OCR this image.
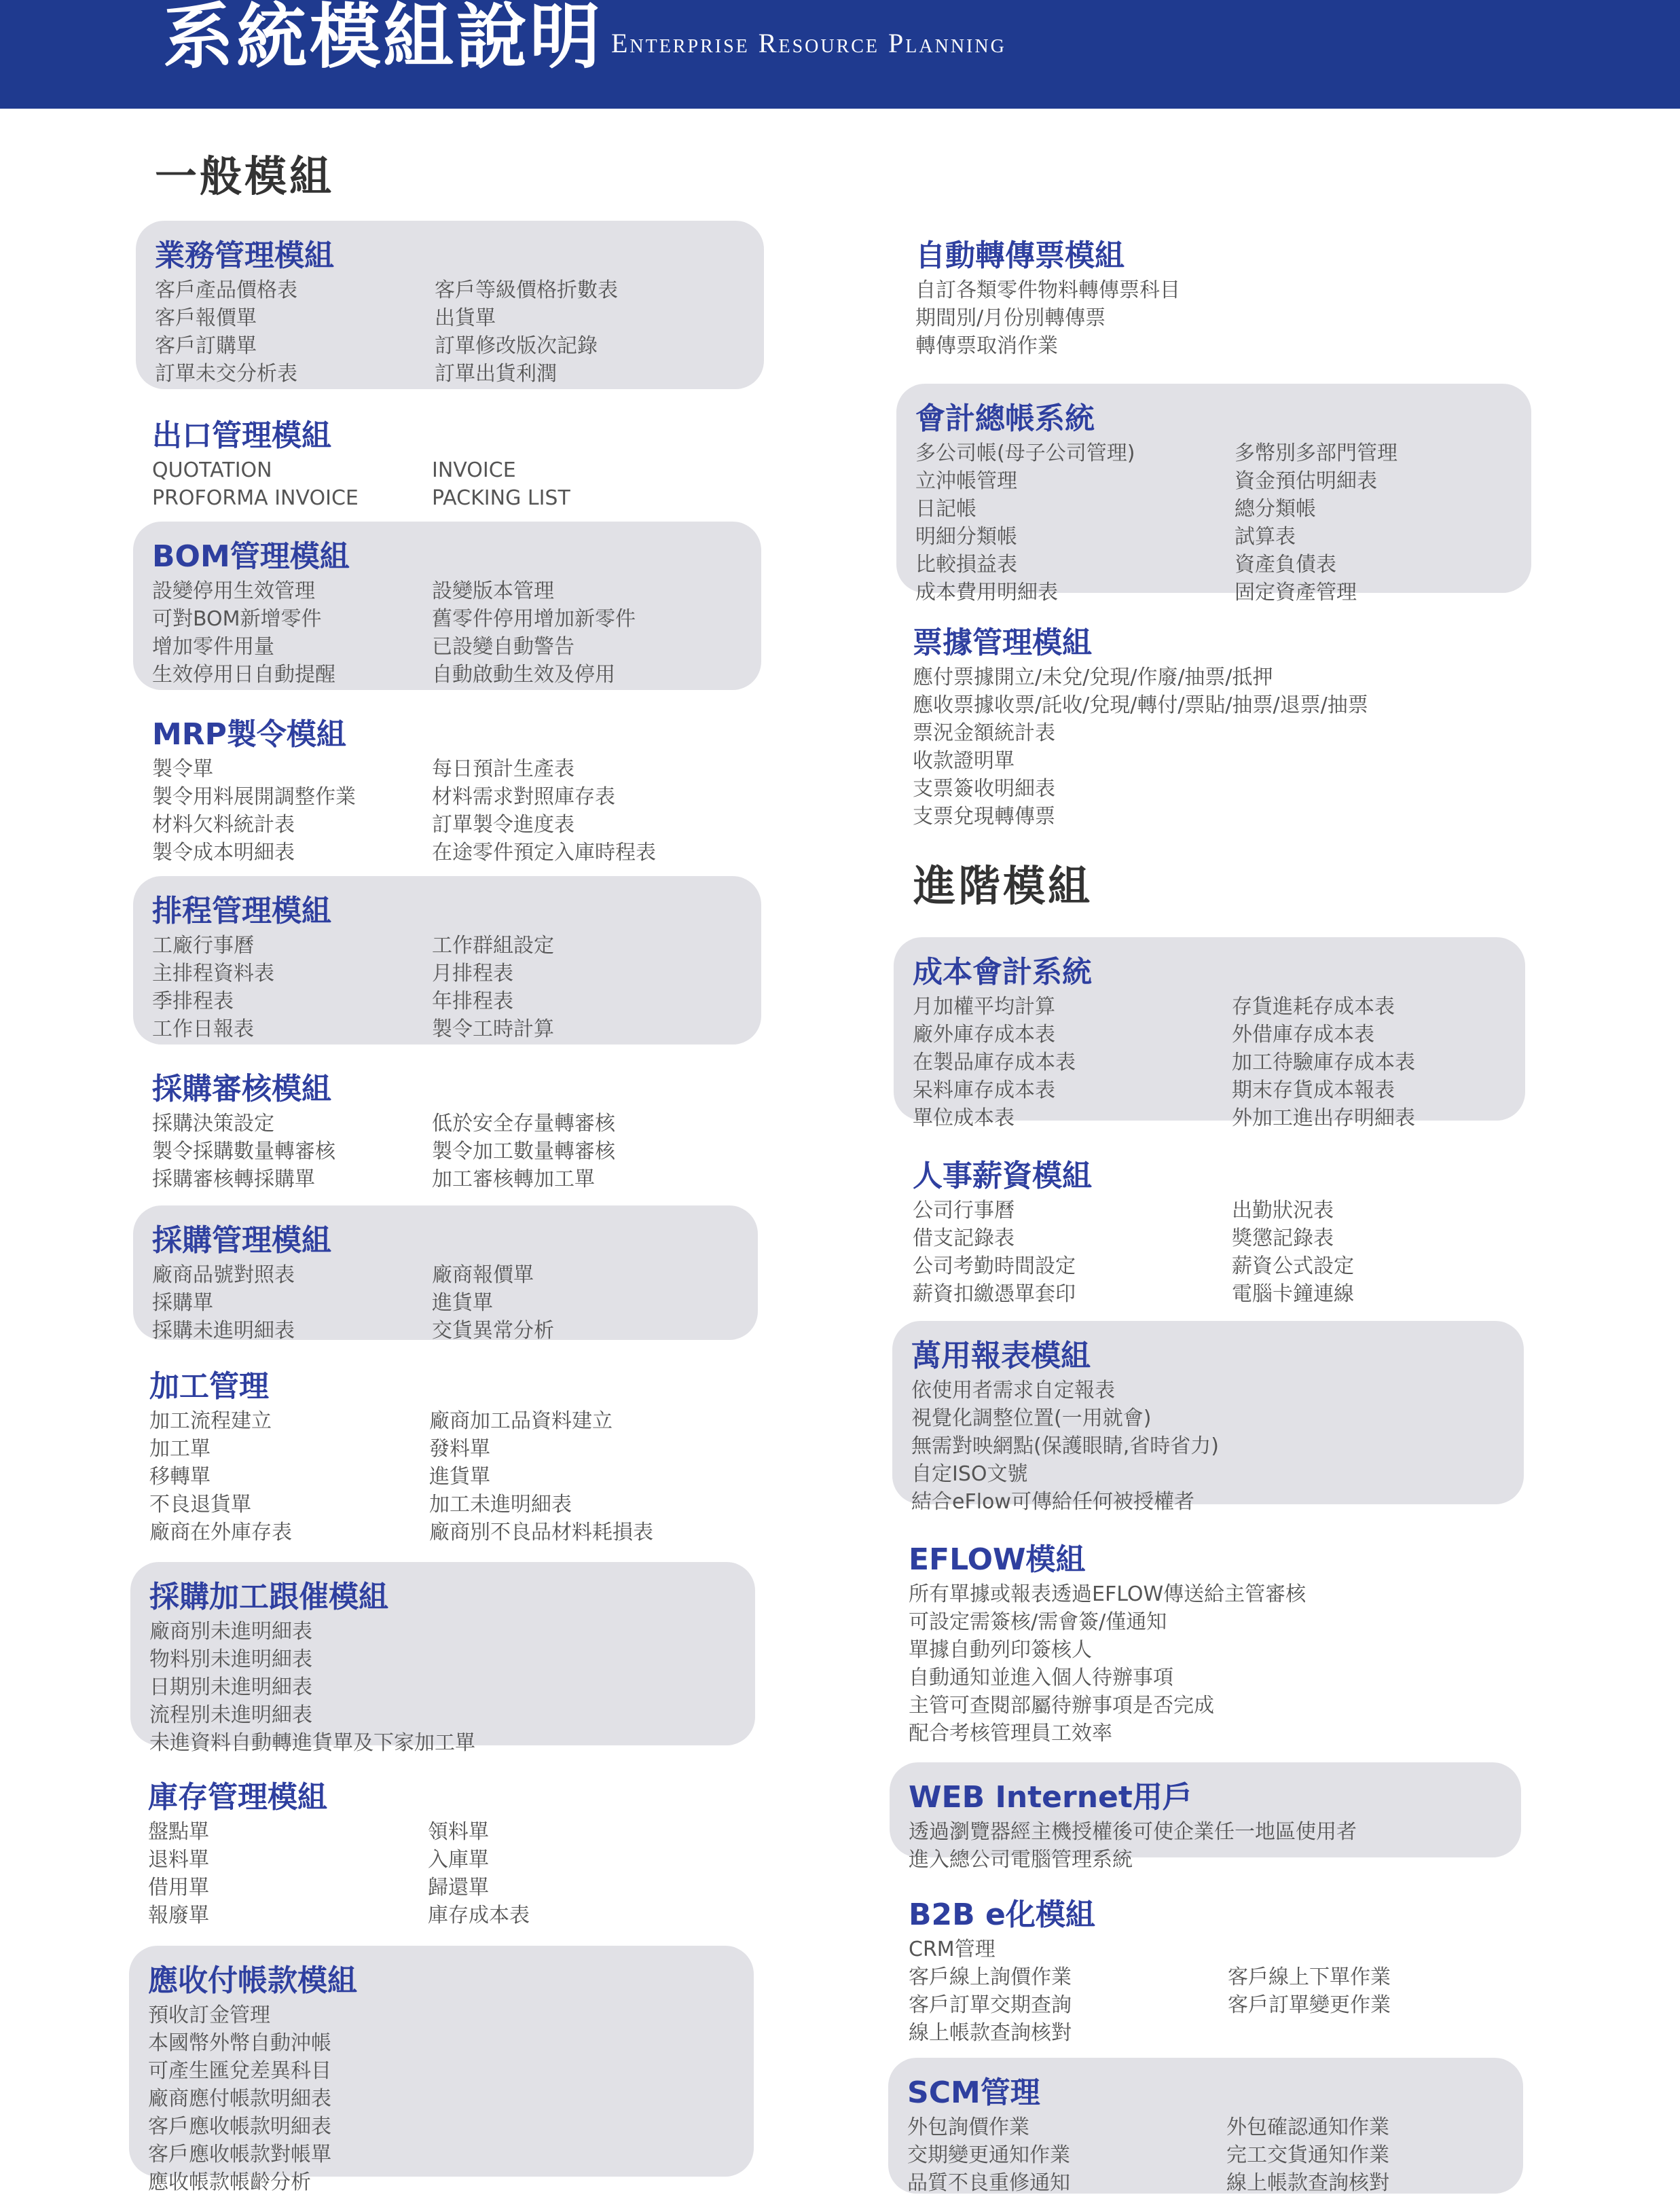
系統模組說明 Enterprise Resource Planning
一般模組
進階模組
業務管理模組
客戶產品價格表
客戶報價單
客戶訂購單
訂單未交分析表
客戶等級價格折數表
出貨單
訂單修改版次記錄
訂單出貨利潤
出口管理模組
QUOTATION
PROFORMA INVOICE
INVOICE
PACKING LIST
BOM管理模組
設變停用生效管理
可對BOM新增零件
增加零件用量
生效停用日自動提醒
設變版本管理
舊零件停用增加新零件
已設變自動警告
自動啟動生效及停用
MRP製令模組
製令單
製令用料展開調整作業
材料欠料統計表
製令成本明細表
每日預計生產表
材料需求對照庫存表
訂單製令進度表
在途零件預定入庫時程表
排程管理模組
工廠行事曆
主排程資料表
季排程表
工作日報表
工作群組設定
月排程表
年排程表
製令工時計算
採購審核模組
採購決策設定
製令採購數量轉審核
採購審核轉採購單
低於安全存量轉審核
製令加工數量轉審核
加工審核轉加工單
採購管理模組
廠商品號對照表
採購單
採購未進明細表
廠商報價單
進貨單
交貨異常分析
加工管理
加工流程建立
加工單
移轉單
不良退貨單
廠商在外庫存表
廠商加工品資料建立
發料單
進貨單
加工未進明細表
廠商別不良品材料耗損表
採購加工跟催模組
廠商別未進明細表
物料別未進明細表
日期別未進明細表
流程別未進明細表
未進資料自動轉進貨單及下家加工單
庫存管理模組
盤點單
退料單
借用單
報廢單
領料單
入庫單
歸還單
庫存成本表
應收付帳款模組
預收訂金管理
本國幣外幣自動沖帳
可產生匯兌差異科目
廠商應付帳款明細表
客戶應收帳款明細表
客戶應收帳款對帳單
應收帳款帳齡分析
自動轉傳票模組
自訂各類零件物料轉傳票科目
期間別/月份別轉傳票
轉傳票取消作業
會計總帳系統
多公司帳(母子公司管理)
立沖帳管理
日記帳
明細分類帳
比較損益表
成本費用明細表
多幣別多部門管理
資金預估明細表
總分類帳
試算表
資產負債表
固定資產管理
票據管理模組
應付票據開立/未兌/兌現/作廢/抽票/抵押
應收票據收票/託收/兌現/轉付/票貼/抽票/退票/抽票
票況金額統計表
收款證明單
支票簽收明細表
支票兌現轉傳票
成本會計系統
月加權平均計算
廠外庫存成本表
在製品庫存成本表
呆料庫存成本表
單位成本表
存貨進耗存成本表
外借庫存成本表
加工待驗庫存成本表
期末存貨成本報表
外加工進出存明細表
人事薪資模組
公司行事曆
借支記錄表
公司考勤時間設定
薪資扣繳憑單套印
出勤狀況表
獎懲記錄表
薪資公式設定
電腦卡鐘連線
萬用報表模組
依使用者需求自定報表
視覺化調整位置(一用就會)
無需對映網點(保護眼睛,省時省力)
自定ISO文號
結合eFlow可傳給任何被授權者
EFLOW模組
所有單據或報表透過EFLOW傳送給主管審核
可設定需簽核/需會簽/僅通知
單據自動列印簽核人
自動通知並進入個人待辦事項
主管可查閱部屬待辦事項是否完成
配合考核管理員工效率
WEB Internet用戶
透過瀏覽器經主機授權後可使企業任一地區使用者
進入總公司電腦管理系統
B2B e化模組
CRM管理
客戶線上詢價作業
客戶訂單交期查詢
線上帳款查詢核對
客戶線上下單作業
客戶訂單變更作業
SCM管理
外包詢價作業
交期變更通知作業
品質不良重修通知
外包確認通知作業
完工交貨通知作業
線上帳款查詢核對
